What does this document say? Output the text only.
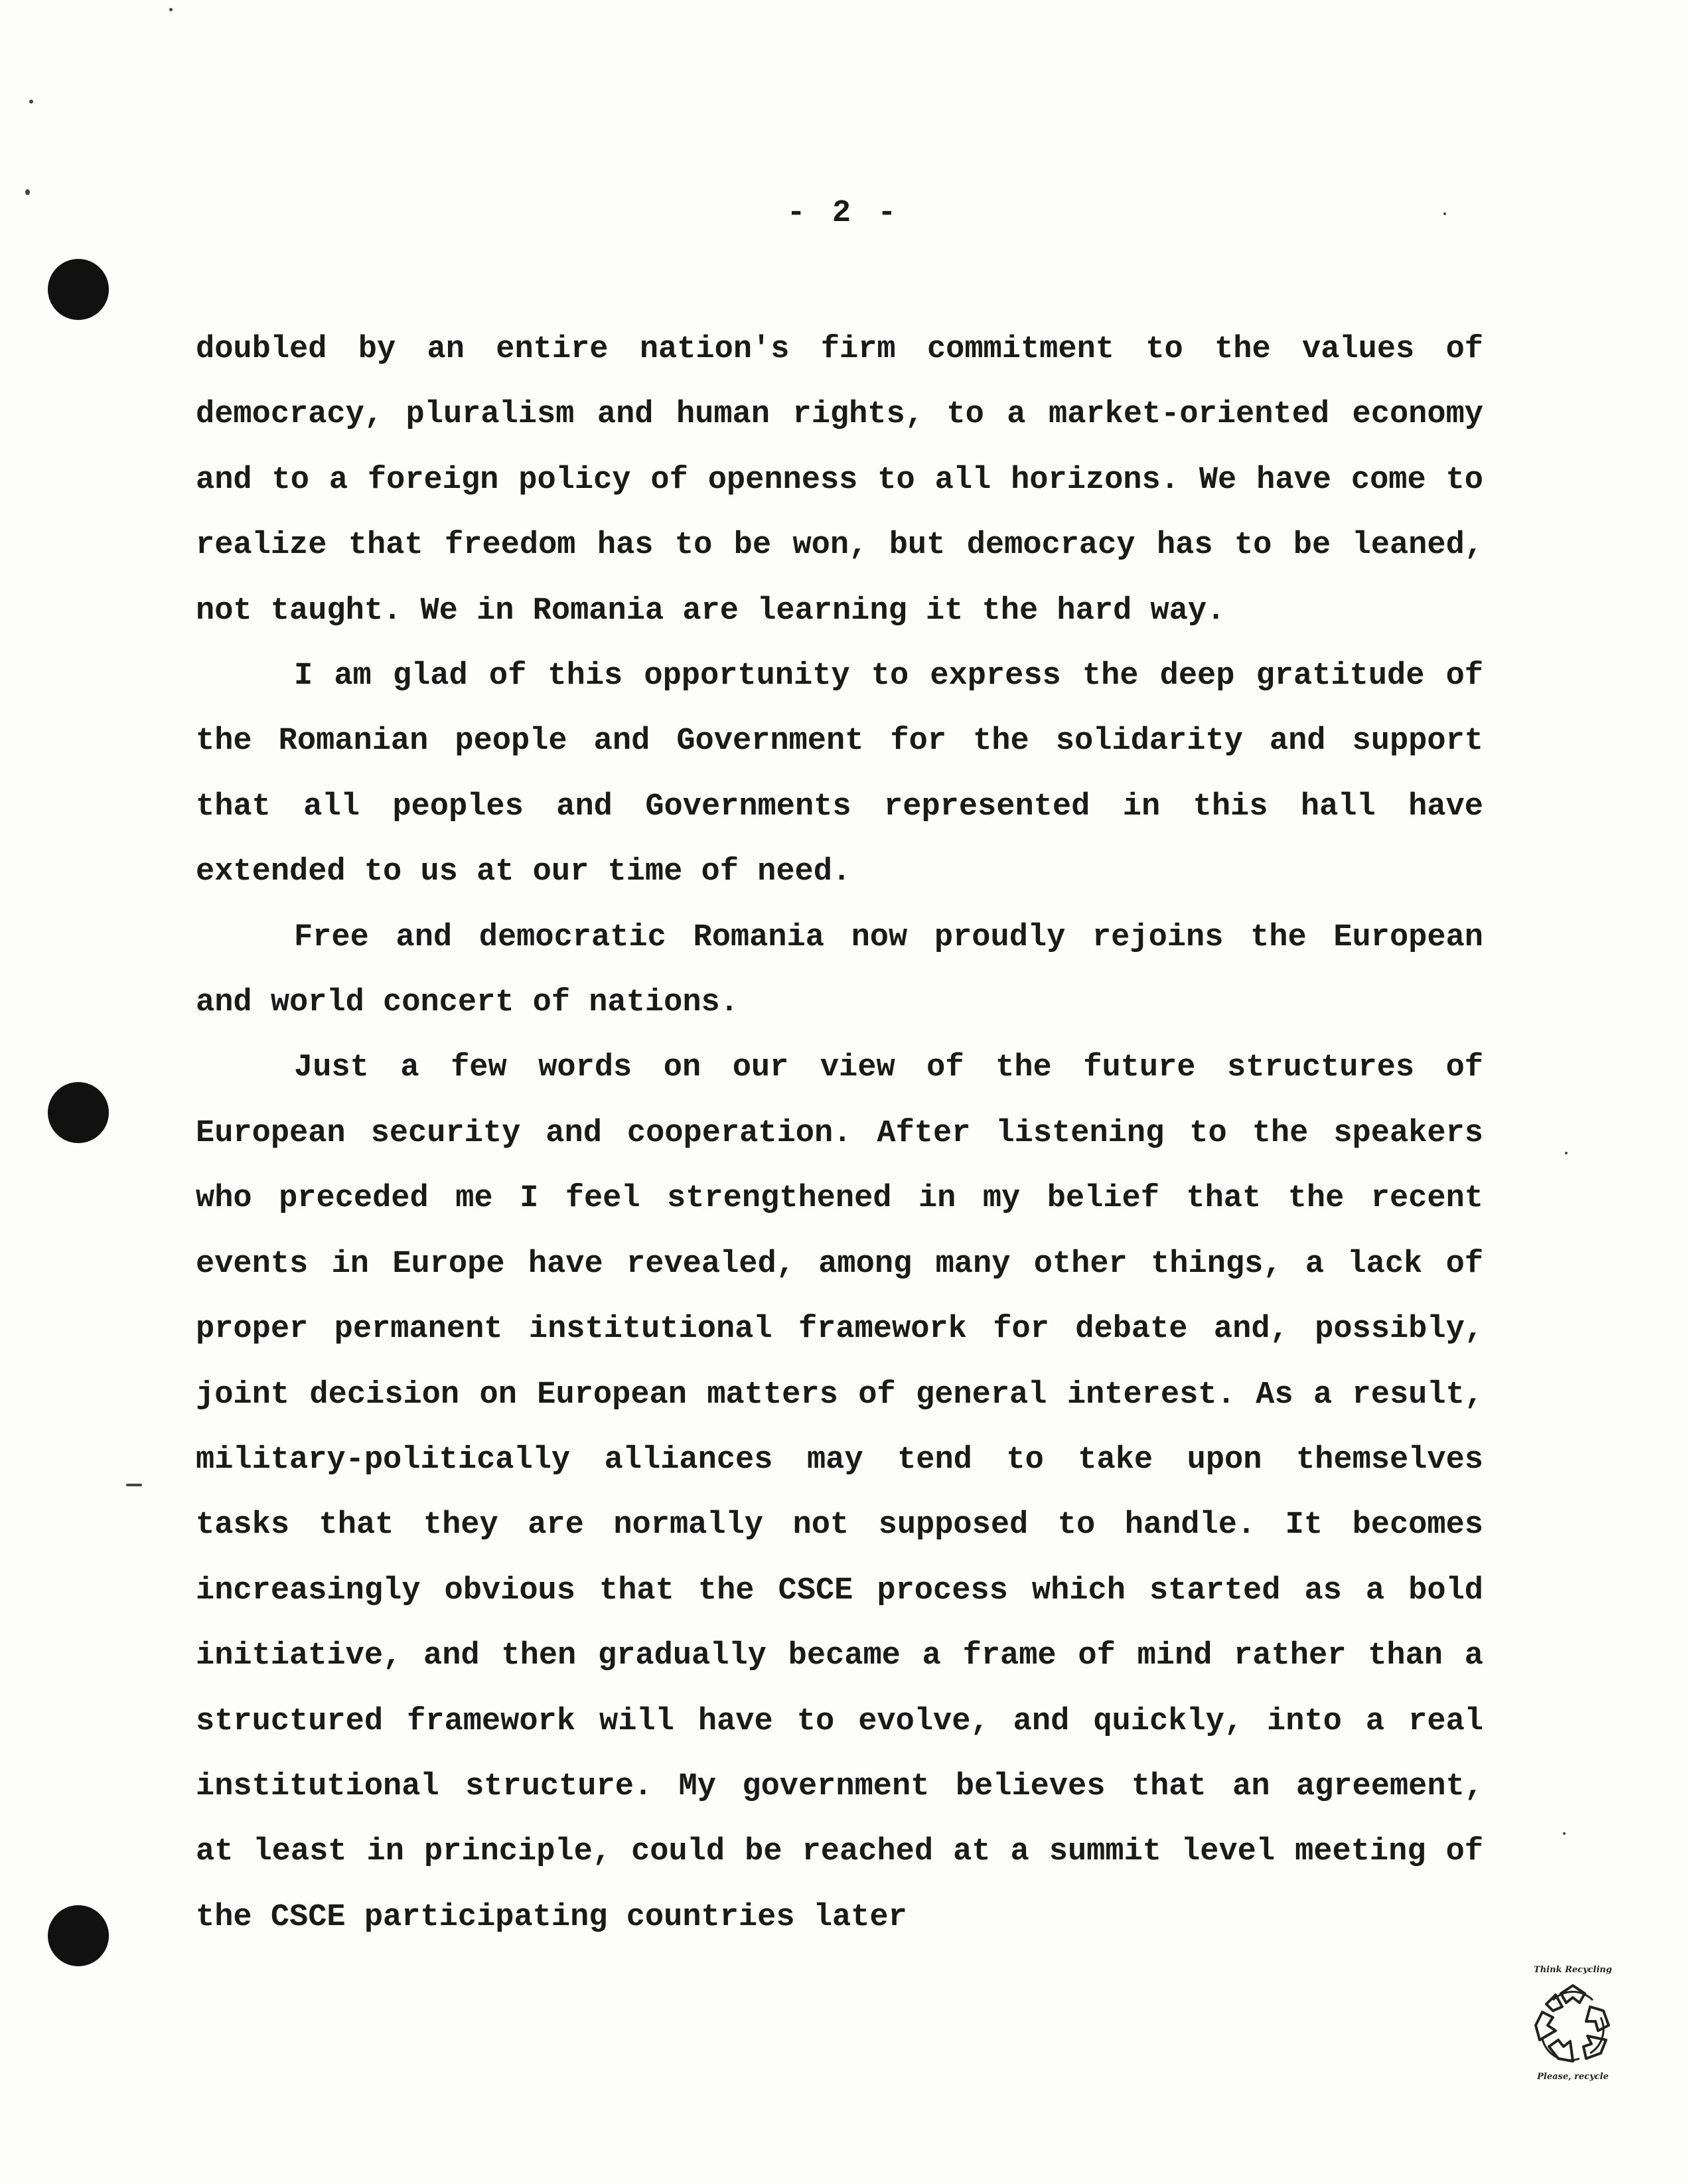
- 2 -

doubled by an entire nation's firm commitment to the values of democracy, pluralism and human rights, to a market-oriented economy and to a foreign policy of openness to all horizons. We have come to realize that freedom has to be won, but democracy has to be leaned, not taught. We in Romania are learning it the hard way.

I am glad of this opportunity to express the deep gratitude of the Romanian people and Government for the solidarity and support that all peoples and Governments represented in this hall have extended to us at our time of need.

Free and democratic Romania now proudly rejoins the European and world concert of nations.

Just a few words on our view of the future structures of European security and cooperation. After listening to the speakers who preceded me I feel strengthened in my belief that the recent events in Europe have revealed, among many other things, a lack of proper permanent institutional framework for debate and, possibly, joint decision on European matters of general interest. As a result, military-politically alliances may tend to take upon themselves tasks that they are normally not supposed to handle. It becomes increasingly obvious that the CSCE process which started as a bold initiative, and then gradually became a frame of mind rather than a structured framework will have to evolve, and quickly, into a real institutional structure. My government believes that an agreement, at least in principle, could be reached at a summit level meeting of the CSCE participating countries later

Think Recycling
Please, recycle
